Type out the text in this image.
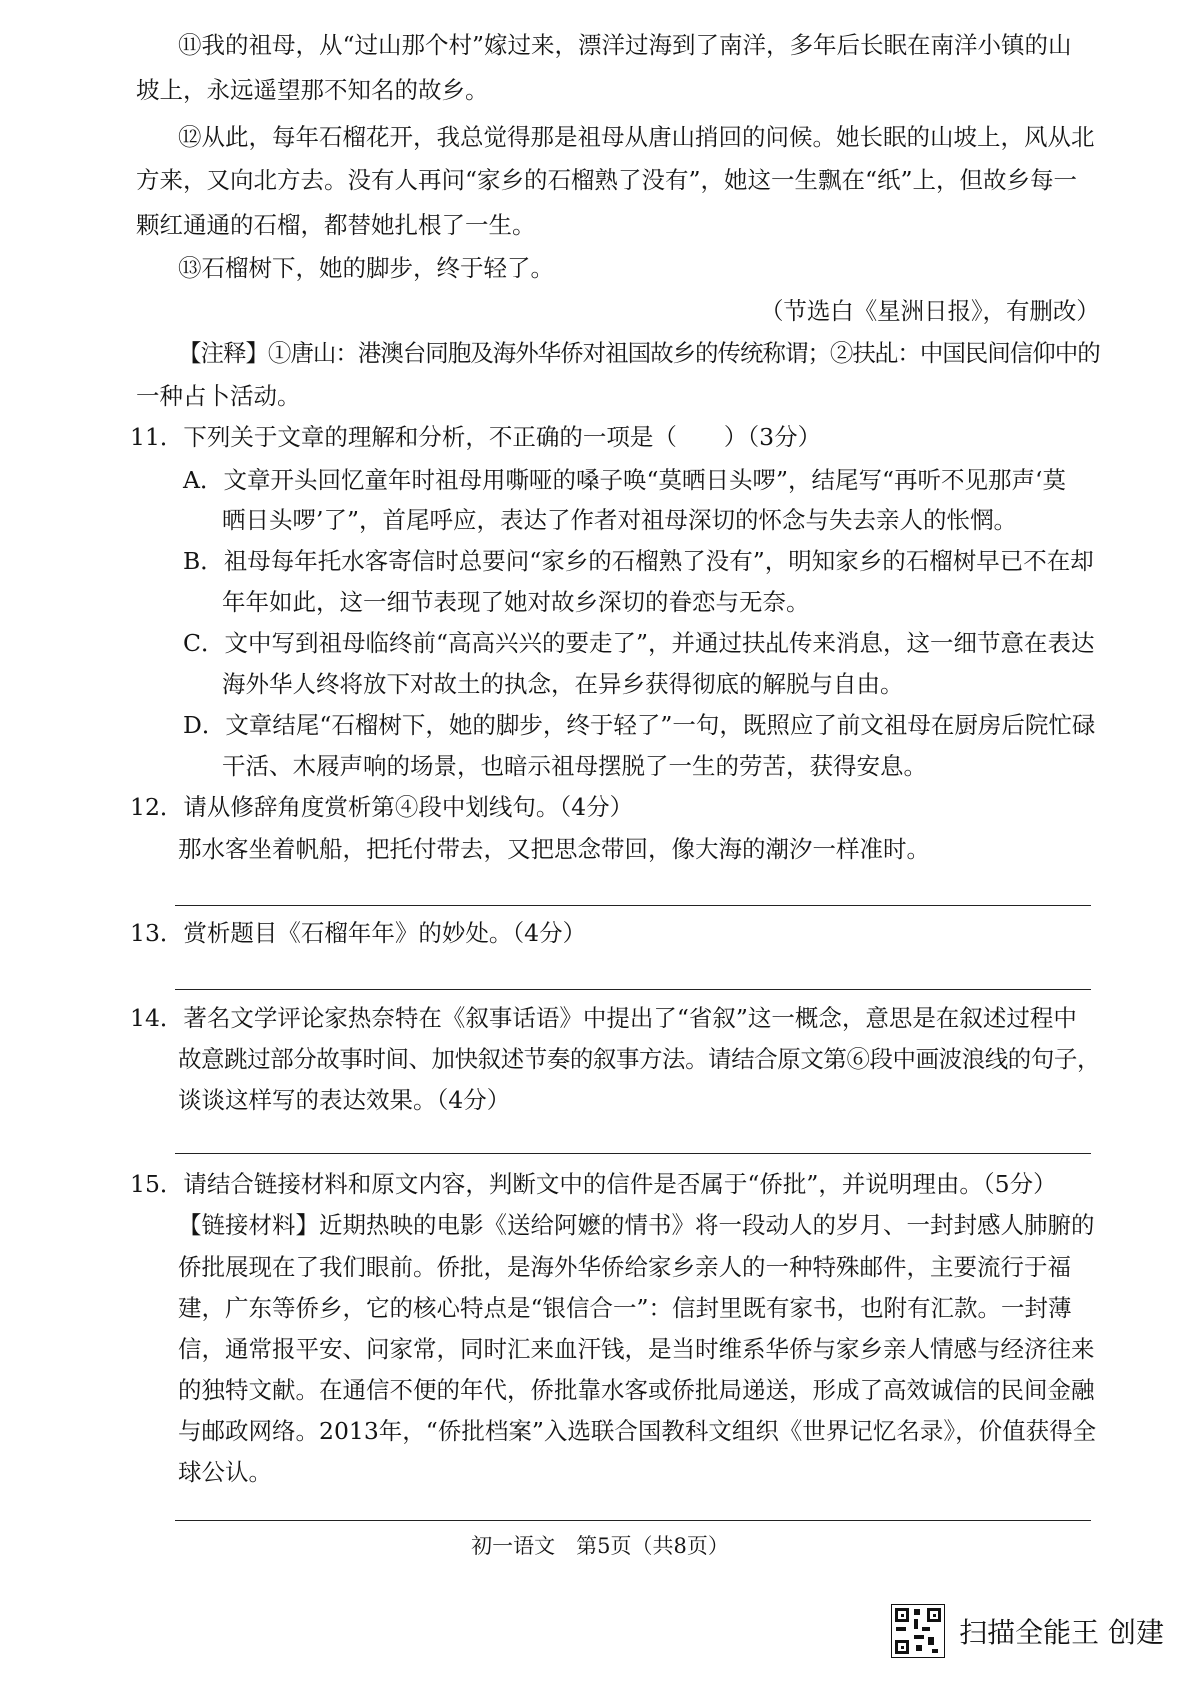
⑪我的祖母，从“过山那个村”嫁过来，漂洋过海到了南洋，多年后长眠在南洋小镇的山
坡上，永远遥望那不知名的故乡。
⑫从此，每年石榴花开，我总觉得那是祖母从唐山捎回的问候。她长眠的山坡上，风从北
方来，又向北方去。没有人再问“家乡的石榴熟了没有”，她这一生飘在“纸”上，但故乡每一
颗红通通的石榴，都替她扎根了一生。
⑬石榴树下，她的脚步，终于轻了。
（节选白《星洲日报》，有删改）
【注释】①唐山：港澳台同胞及海外华侨对祖国故乡的传统称谓；②扶乩：中国民间信仰中的
一种占卜活动。
11．下列关于文章的理解和分析，不正确的一项是（　　）（3分）
A．文章开头回忆童年时祖母用嘶哑的嗓子唤“莫晒日头啰”，结尾写“再听不见那声‘莫
晒日头啰’了”，首尾呼应，表达了作者对祖母深切的怀念与失去亲人的怅惘。
B．祖母每年托水客寄信时总要问“家乡的石榴熟了没有”，明知家乡的石榴树早已不在却
年年如此，这一细节表现了她对故乡深切的眷恋与无奈。
C．文中写到祖母临终前“高高兴兴的要走了”，并通过扶乩传来消息，这一细节意在表达
海外华人终将放下对故土的执念，在异乡获得彻底的解脱与自由。
D．文章结尾“石榴树下，她的脚步，终于轻了”一句，既照应了前文祖母在厨房后院忙碌
干活、木屐声响的场景，也暗示祖母摆脱了一生的劳苦，获得安息。
12．请从修辞角度赏析第④段中划线句。（4分）
那水客坐着帆船，把托付带去，又把思念带回，像大海的潮汐一样准时。
13．赏析题目《石榴年年》的妙处。（4分）
14．著名文学评论家热奈特在《叙事话语》中提出了“省叙”这一概念，意思是在叙述过程中
故意跳过部分故事时间、加快叙述节奏的叙事方法。请结合原文第⑥段中画波浪线的句子，
谈谈这样写的表达效果。（4分）
15．请结合链接材料和原文内容，判断文中的信件是否属于“侨批”，并说明理由。（5分）
【链接材料】近期热映的电影《送给阿嬷的情书》将一段动人的岁月、一封封感人肺腑的
侨批展现在了我们眼前。侨批，是海外华侨给家乡亲人的一种特殊邮件，主要流行于福
建，广东等侨乡，它的核心特点是“银信合一”：信封里既有家书，也附有汇款。一封薄
信，通常报平安、问家常，同时汇来血汗钱，是当时维系华侨与家乡亲人情感与经济往来
的独特文献。在通信不便的年代，侨批靠水客或侨批局递送，形成了高效诚信的民间金融
与邮政网络。2013年，“侨批档案”入选联合国教科文组织《世界记忆名录》，价值获得全
球公认。
初一语文　第5页（共8页）
扫描全能王 创建
